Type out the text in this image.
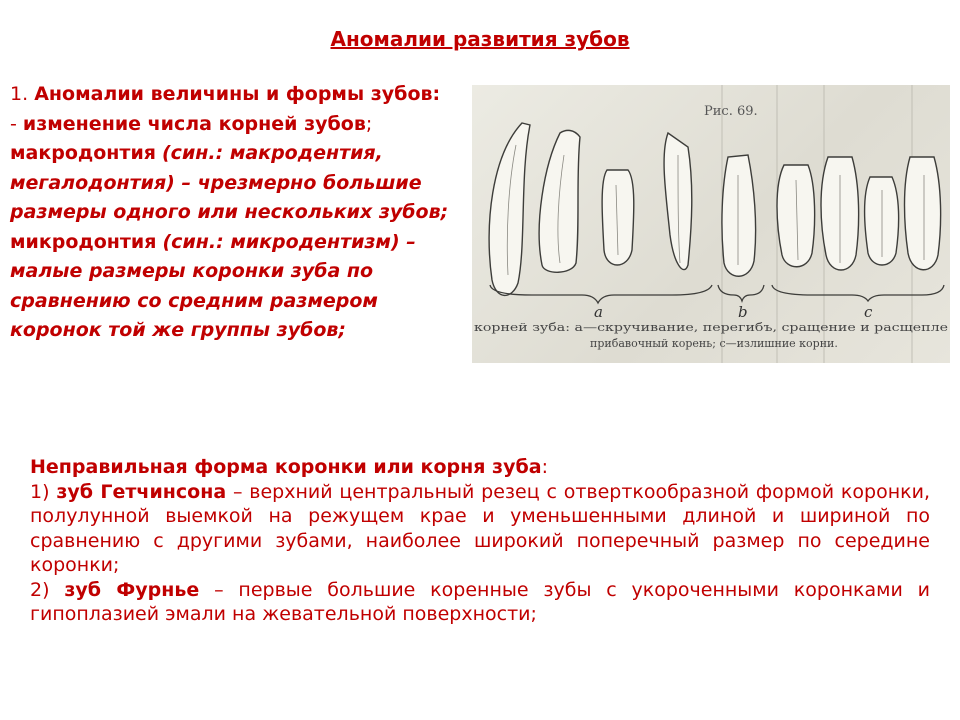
Аномалии развития зубов

1. Аномалии величины и формы зубов:

- изменение числа корней зубов;

макродонтия (син.: макродентия, мегалодонтия) – чрезмерно большие размеры одного или нескольких зубов;

микродонтия (син.: микродентизм) – малые размеры коронки зуба по сравнению со средним размером коронок той же группы зубов;

Рис. 69.
a	b	c
корней зуба: а—скручивание, перегибъ, сращение и расщепле
прибавочный корень; с—излишние корни.

Неправильная форма коронки или корня зуба:

1) зуб Гетчинсона – верхний центральный резец с отверткообразной формой коронки, полулунной выемкой на режущем крае и уменьшенными длиной и шириной по сравнению с другими зубами, наиболее широкий поперечный размер по середине коронки;

2) зуб Фурнье – первые большие коренные зубы с укороченными коронками и гипоплазией эмали на жевательной поверхности;
